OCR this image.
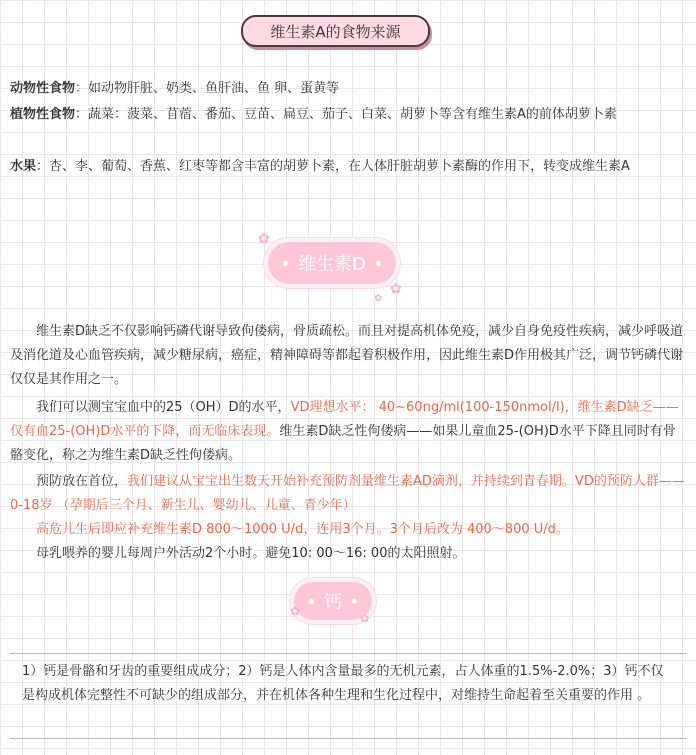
维生素A的食物来源
动物性食物：如动物肝脏、奶类、鱼肝油、鱼 卵、蛋黄等
植物性食物：蔬菜：菠菜、苜蓿、番茄、豆苗、扁豆、茄子、白菜、胡萝卜等含有维生素A的前体胡萝卜素
水果：杏、李、葡萄、香蕉、红枣等都含丰富的胡萝卜素，在人体肝脏胡萝卜素酶的作用下，转变成维生素A
维生素D
✿
✿
✿
维生素D缺乏不仅影响钙磷代谢导致佝偻病，骨质疏松。而且对提高机体免疫，减少自身免疫性疾病，减少呼吸道及消化道及心血管疾病，减少糖尿病，癌症，精神障碍等都起着积极作用，因此维生素D作用极其广泛，调节钙磷代谢仅仅是其作用之一。
我们可以测宝宝血中的25（OH）D的水平，VD理想水平： 40~60ng/ml(100-150nmol/l)，维生素D缺乏——仅有血25-(OH)D水平的下降，而无临床表现。维生素D缺乏性佝偻病——如果儿童血25-(OH)D水平下降且同时有骨骼变化，称之为维生素D缺乏性佝偻病。
预防放在首位，我们建议从宝宝出生数天开始补充预防剂量维生素AD滴剂，并持续到青春期。VD的预防人群——0-18岁 （孕期后三个月、新生儿、婴幼儿、儿童、青少年）
高危儿生后即应补充维生素D 800～1000 U/d，连用3个月。3个月后改为 400～800 U/d。
母乳喂养的婴儿每周户外活动2个小时。避免10: 00～16: 00的太阳照射。
钙
✿
✿
1）钙是骨骼和牙齿的重要组成成分；2）钙是人体内含量最多的无机元素，占人体重的1.5%-2.0%；3）钙不仅是构成机体完整性不可缺少的组成部分，并在机体各种生理和生化过程中，对维持生命起着至关重要的作用 。
